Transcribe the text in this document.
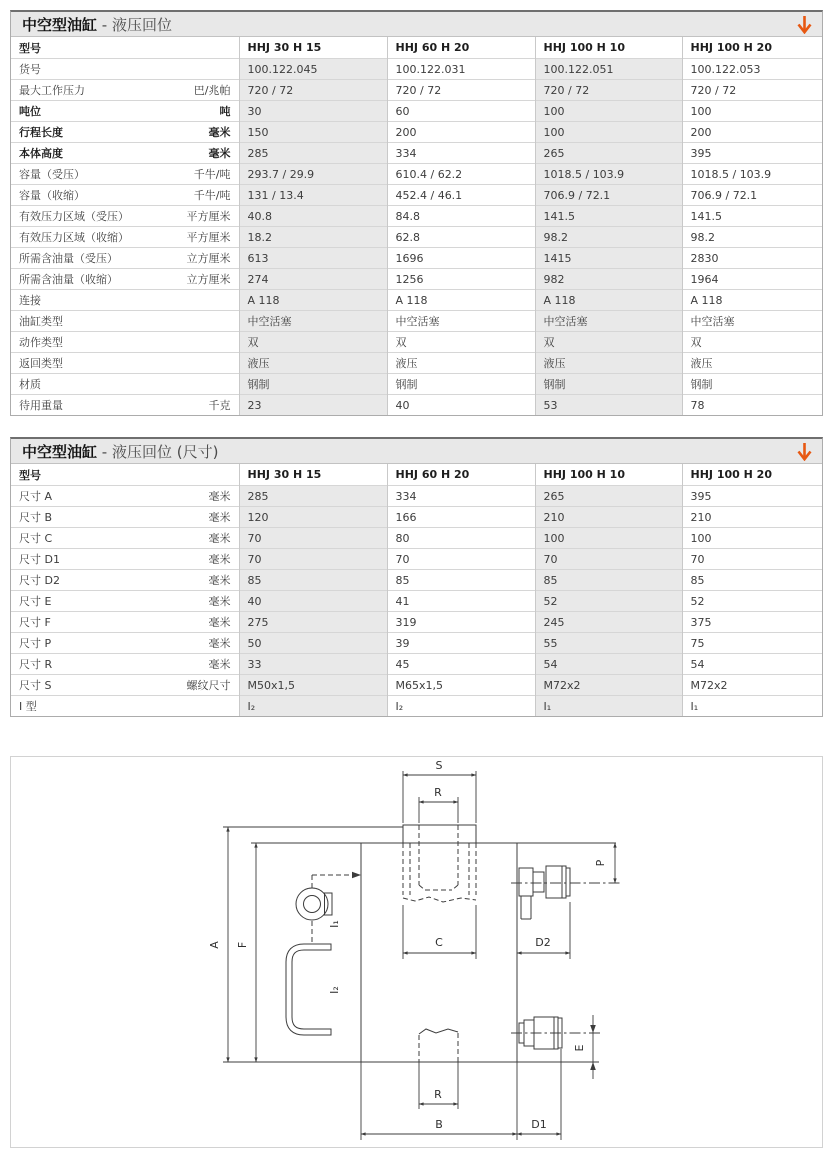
中空型油缸 - 液压回位
型号	HHJ 30 H 15	HHJ 60 H 20	HHJ 100 H 10	HHJ 100 H 20
货号	100.122.045	100.122.031	100.122.051	100.122.053
最大工作压力 巴/兆帕	720 / 72	720 / 72	720 / 72	720 / 72
吨位 吨	30	60	100	100
行程长度 毫米	150	200	100	200
本体高度 毫米	285	334	265	395
容量（受压） 千牛/吨	293.7 / 29.9	610.4 / 62.2	1018.5 / 103.9	1018.5 / 103.9
容量（收缩） 千牛/吨	131 / 13.4	452.4 / 46.1	706.9 / 72.1	706.9 / 72.1
有效压力区域（受压） 平方厘米	40.8	84.8	141.5	141.5
有效压力区域（收缩） 平方厘米	18.2	62.8	98.2	98.2
所需含油量（受压） 立方厘米	613	1696	1415	2830
所需含油量（收缩） 立方厘米	274	1256	982	1964
连接	A 118	A 118	A 118	A 118
油缸类型	中空活塞	中空活塞	中空活塞	中空活塞
动作类型	双	双	双	双
返回类型	液压	液压	液压	液压
材质	钢制	钢制	钢制	钢制
待用重量 千克	23	40	53	78
中空型油缸 - 液压回位 (尺寸)
型号	HHJ 30 H 15	HHJ 60 H 20	HHJ 100 H 10	HHJ 100 H 20
尺寸 A 毫米	285	334	265	395
尺寸 B 毫米	120	166	210	210
尺寸 C 毫米	70	80	100	100
尺寸 D1 毫米	70	70	70	70
尺寸 D2 毫米	85	85	85	85
尺寸 E 毫米	40	41	52	52
尺寸 F 毫米	275	319	245	375
尺寸 P 毫米	50	39	55	75
尺寸 R 毫米	33	45	54	54
尺寸 S 螺纹尺寸	M50x1,5	M65x1,5	M72x2	M72x2
I 型	I₂	I₂	I₁	I₁
I₁
I₂
S
R
P
A F	C	D2
E
R
B	D1
